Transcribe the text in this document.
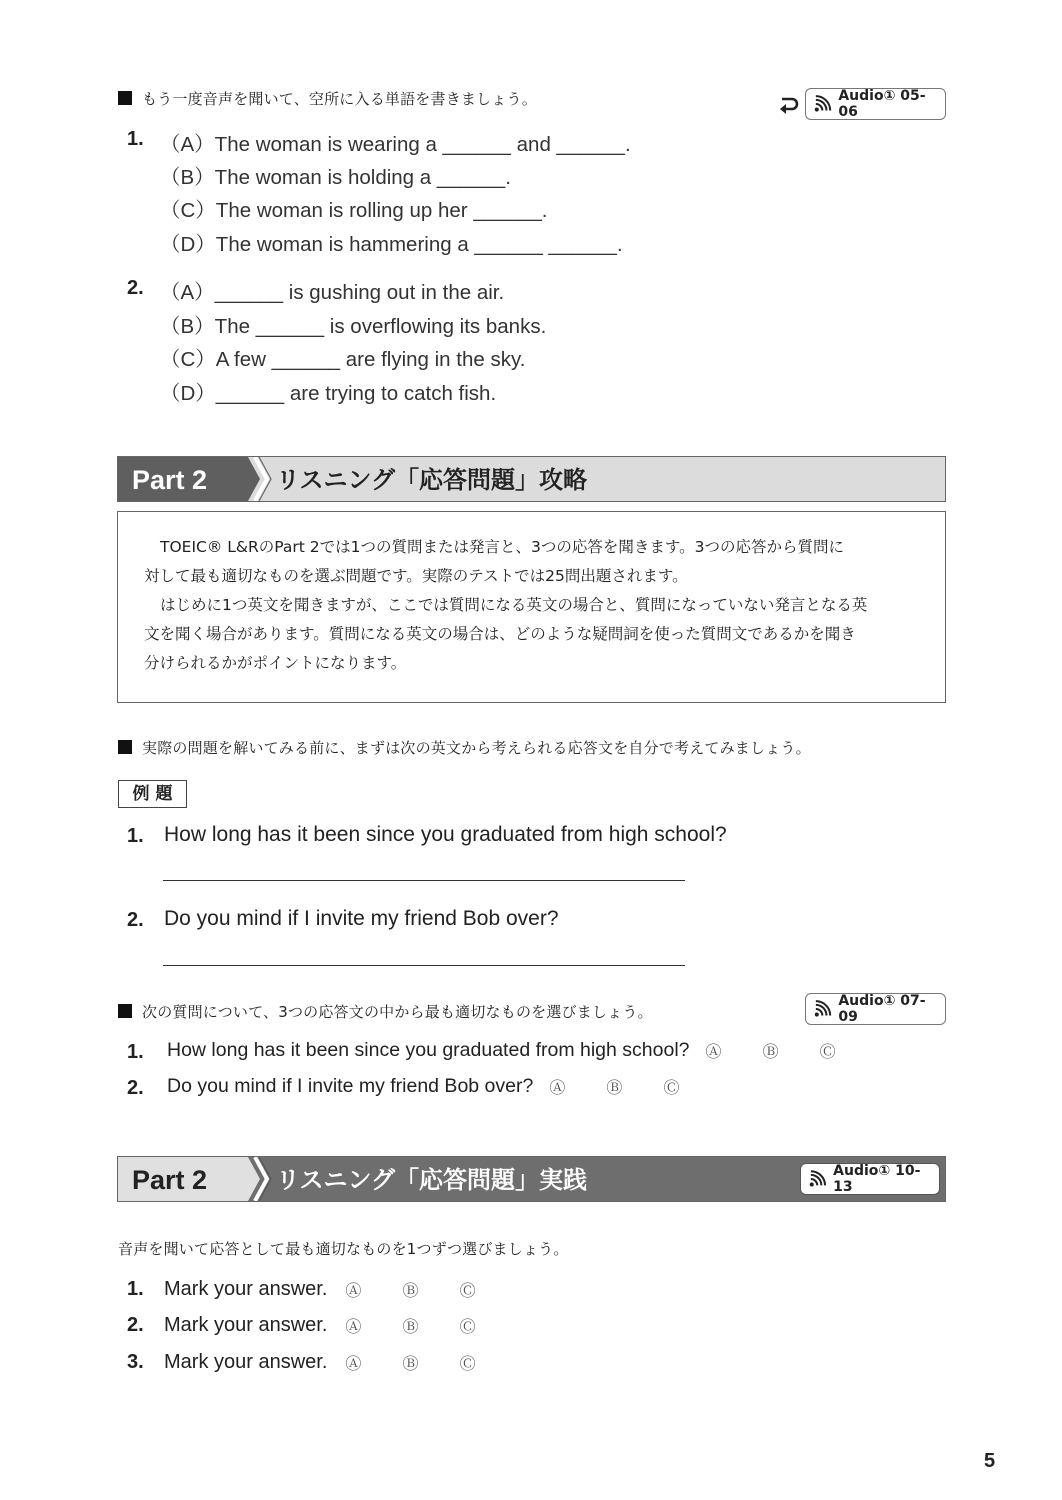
もう一度音声を聞いて、空所に入る単語を書きましょう。	Audio① 05-06
1. （A）The woman is wearing a ______ and ______.
（B）The woman is holding a ______.
（C）The woman is rolling up her ______.
（D）The woman is hammering a ______ ______.
2. （A）______ is gushing out in the air.
（B）The ______ is overflowing its banks.
（C）A few ______ are flying in the sky.
（D）______ are trying to catch fish.
Part 2	リスニング「応答問題」攻略
TOEIC® L&RのPart 2では1つの質問または発言と、3つの応答を聞きます。3つの応答から質問に
対して最も適切なものを選ぶ問題です。実際のテストでは25問出題されます。
はじめに1つ英文を聞きますが、ここでは質問になる英文の場合と、質問になっていない発言となる英
文を聞く場合があります。質問になる英文の場合は、どのような疑問詞を使った質問文であるかを聞き
分けられるかがポイントになります。
実際の問題を解いてみる前に、まずは次の英文から考えられる応答文を自分で考えてみましょう。
例 題
1. How long has it been since you graduated from high school?
2. Do you mind if I invite my friend Bob over?
次の質問について、3つの応答文の中から最も適切なものを選びましょう。
Audio① 07-09
1. How long has it been since you graduated from high school? Ⓐ Ⓑ Ⓒ
2. Do you mind if I invite my friend Bob over? Ⓐ Ⓑ Ⓒ
Part 2	リスニング「応答問題」実践	Audio① 10-13
音声を聞いて応答として最も適切なものを1つずつ選びましょう。
1.	Mark your answer. Ⓐ Ⓑ Ⓒ
2.	Mark your answer. Ⓐ Ⓑ Ⓒ
3.	Mark your answer. Ⓐ Ⓑ Ⓒ
5
